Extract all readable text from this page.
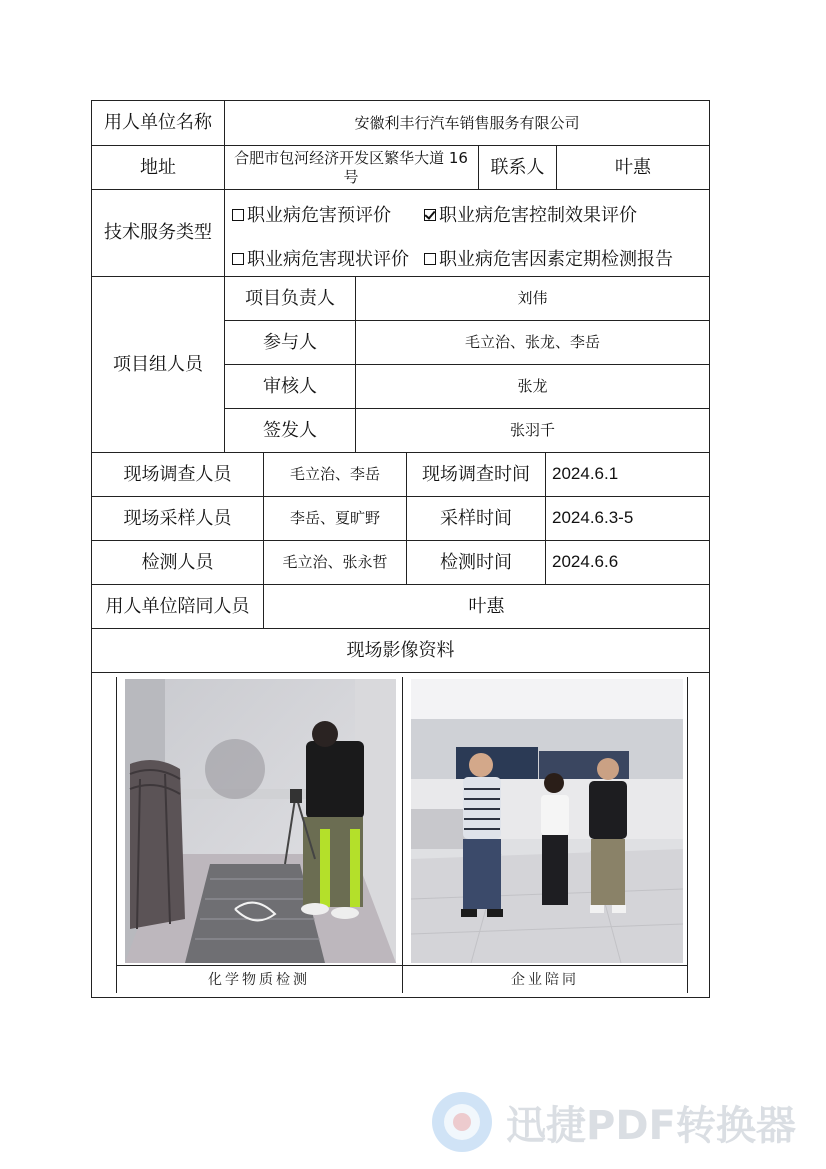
用人单位名称	安徽利丰行汽车销售服务有限公司
地址	合肥市包河经济开发区繁华大道 16 号	联系人	叶惠
技术服务类型
职业病危害预评价	职业病危害控制效果评价
职业病危害现状评价	职业病危害因素定期检测报告
项目组人员
项目负责人	刘伟
参与人	毛立治、张龙、李岳
审核人	张龙
签发人	张羽千
现场调查人员	毛立治、李岳	现场调查时间	2024.6.1
现场采样人员	李岳、夏旷野	采样时间	2024.6.3-5
检测人员	毛立治、张永哲	检测时间	2024.6.6
用人单位陪同人员	叶惠
现场影像资料
化学物质检测	企业陪同
迅捷PDF转换器
